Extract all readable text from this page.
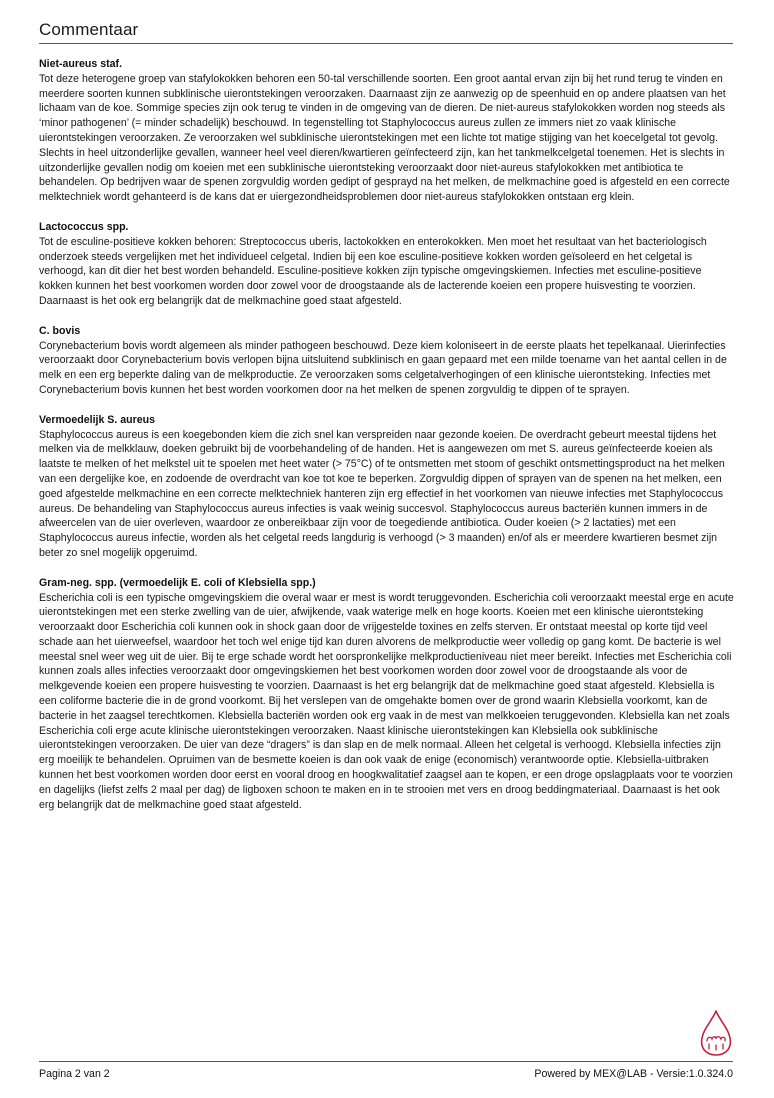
Commentaar

Niet-aureus staf.

Tot deze heterogene groep van stafylokokken behoren een 50-tal verschillende soorten. Een groot aantal ervan zijn bij het rund terug te vinden en meerdere soorten kunnen subklinische uierontstekingen veroorzaken. Daarnaast zijn ze aanwezig op de speenhuid en op andere plaatsen van het lichaam van de koe. Sommige species zijn ook terug te vinden in de omgeving van de dieren. De niet-aureus stafylokokken worden nog steeds als ‘minor pathogenen’ (= minder schadelijk) beschouwd. In tegenstelling tot Staphylococcus aureus zullen ze immers niet zo vaak klinische uierontstekingen veroorzaken. Ze veroorzaken wel subklinische uierontstekingen met een lichte tot matige stijging van het koecelgetal tot gevolg. Slechts in heel uitzonderlijke gevallen, wanneer heel veel dieren/kwartieren geïnfecteerd zijn, kan het tankmelkcelgetal toenemen. Het is slechts in uitzonderlijke gevallen nodig om koeien met een subklinische uierontsteking veroorzaakt door niet-aureus stafylokokken met antibiotica te behandelen. Op bedrijven waar de spenen zorgvuldig worden gedipt of gesprayd na het melken, de melkmachine goed is afgesteld en een correcte melktechniek wordt gehanteerd is de kans dat er uiergezondheidsproblemen door niet-aureus stafylokokken ontstaan erg klein.

Lactococcus spp.

Tot de esculine-positieve kokken behoren: Streptococcus uberis, lactokokken en enterokokken. Men moet het resultaat van het bacteriologisch onderzoek steeds vergelijken met het individueel celgetal. Indien bij een koe esculine-positieve kokken worden geïsoleerd en het celgetal is verhoogd, kan dit dier het best worden behandeld. Esculine-positieve kokken zijn typische omgevingskiemen. Infecties met esculine-positieve kokken kunnen het best voorkomen worden door zowel voor de droogstaande als de lacterende koeien een propere huisvesting te voorzien. Daarnaast is het ook erg belangrijk dat de melkmachine goed staat afgesteld.

C. bovis

Corynebacterium bovis wordt algemeen als minder pathogeen beschouwd. Deze kiem koloniseert in de eerste plaats het tepelkanaal. Uierinfecties veroorzaakt door Corynebacterium bovis verlopen bijna uitsluitend subklinisch en gaan gepaard met een milde toename van het aantal cellen in de melk en een erg beperkte daling van de melkproductie. Ze veroorzaken soms celgetalverhogingen of een klinische uierontsteking. Infecties met Corynebacterium bovis kunnen het best worden voorkomen door na het melken de spenen zorgvuldig te dippen of te sprayen.

Vermoedelijk S. aureus

Staphylococcus aureus is een koegebonden kiem die zich snel kan verspreiden naar gezonde koeien. De overdracht gebeurt meestal tijdens het melken via de melkklauw, doeken gebruikt bij de voorbehandeling of de handen. Het is aangewezen om met S. aureus geïnfecteerde koeien als laatste te melken of het melkstel uit te spoelen met heet water (> 75°C) of te ontsmetten met stoom of geschikt ontsmettingsproduct na het melken van een dergelijke koe, en zodoende de overdracht van koe tot koe te beperken. Zorgvuldig dippen of sprayen van de spenen na het melken, een goed afgestelde melkmachine en een correcte melktechniek hanteren zijn erg effectief in het voorkomen van nieuwe infecties met Staphylococcus aureus. De behandeling van Staphylococcus aureus infecties is vaak weinig succesvol. Staphylococcus aureus bacteriën kunnen immers in de afweercelen van de uier overleven, waardoor ze onbereikbaar zijn voor de toegediende antibiotica. Ouder koeien (> 2 lactaties) met een Staphylococcus aureus infectie, worden als het celgetal reeds langdurig is verhoogd (> 3 maanden) en/of als er meerdere kwartieren besmet zijn beter zo snel mogelijk opgeruimd.

Gram-neg. spp. (vermoedelijk E. coli of Klebsiella spp.)

Escherichia coli is een typische omgevingskiem die overal waar er mest is wordt teruggevonden. Escherichia coli veroorzaakt meestal erge en acute uierontstekingen met een sterke zwelling van de uier, afwijkende, vaak waterige melk en hoge koorts. Koeien met een klinische uierontsteking veroorzaakt door Escherichia coli kunnen ook in shock gaan door de vrijgestelde toxines en zelfs sterven. Er ontstaat meestal op korte tijd veel schade aan het uierweefsel, waardoor het toch wel enige tijd kan duren alvorens de melkproductie weer volledig op gang komt. De bacterie is wel meestal snel weer weg uit de uier. Bij te erge schade wordt het oorspronkelijke melkproductieniveau niet meer bereikt. Infecties met Escherichia coli kunnen zoals alles infecties veroorzaakt door omgevingskiemen het best voorkomen worden door zowel voor de droogstaande als voor de melkgevende koeien een propere huisvesting te voorzien. Daarnaast is het erg belangrijk dat de melkmachine goed staat afgesteld. Klebsiella is een coliforme bacterie die in de grond voorkomt. Bij het verslepen van de omgehakte bomen over de grond waarin Klebsiella voorkomt, kan de bacterie in het zaagsel terechtkomen. Klebsiella bacteriën worden ook erg vaak in de mest van melkkoeien teruggevonden. Klebsiella kan net zoals Escherichia coli erge acute klinische uierontstekingen veroorzaken. Naast klinische uierontstekingen kan Klebsiella ook subklinische uierontstekingen veroorzaken. De uier van deze “dragers” is dan slap en de melk normaal. Alleen het celgetal is verhoogd. Klebsiella infecties zijn erg moeilijk te behandelen. Opruimen van de besmette koeien is dan ook vaak de enige (economisch) verantwoorde optie. Klebsiella-uitbraken kunnen het best voorkomen worden door eerst en vooral droog en hoogkwalitatief zaagsel aan te kopen, er een droge opslagplaats voor te voorzien en dagelijks (liefst zelfs 2 maal per dag) de ligboxen schoon te maken en in te strooien met vers en droog beddingmateriaal. Daarnaast is het ook erg belangrijk dat de melkmachine goed staat afgesteld.

Pagina 2 van 2	Powered by MEX@LAB - Versie:1.0.324.0
